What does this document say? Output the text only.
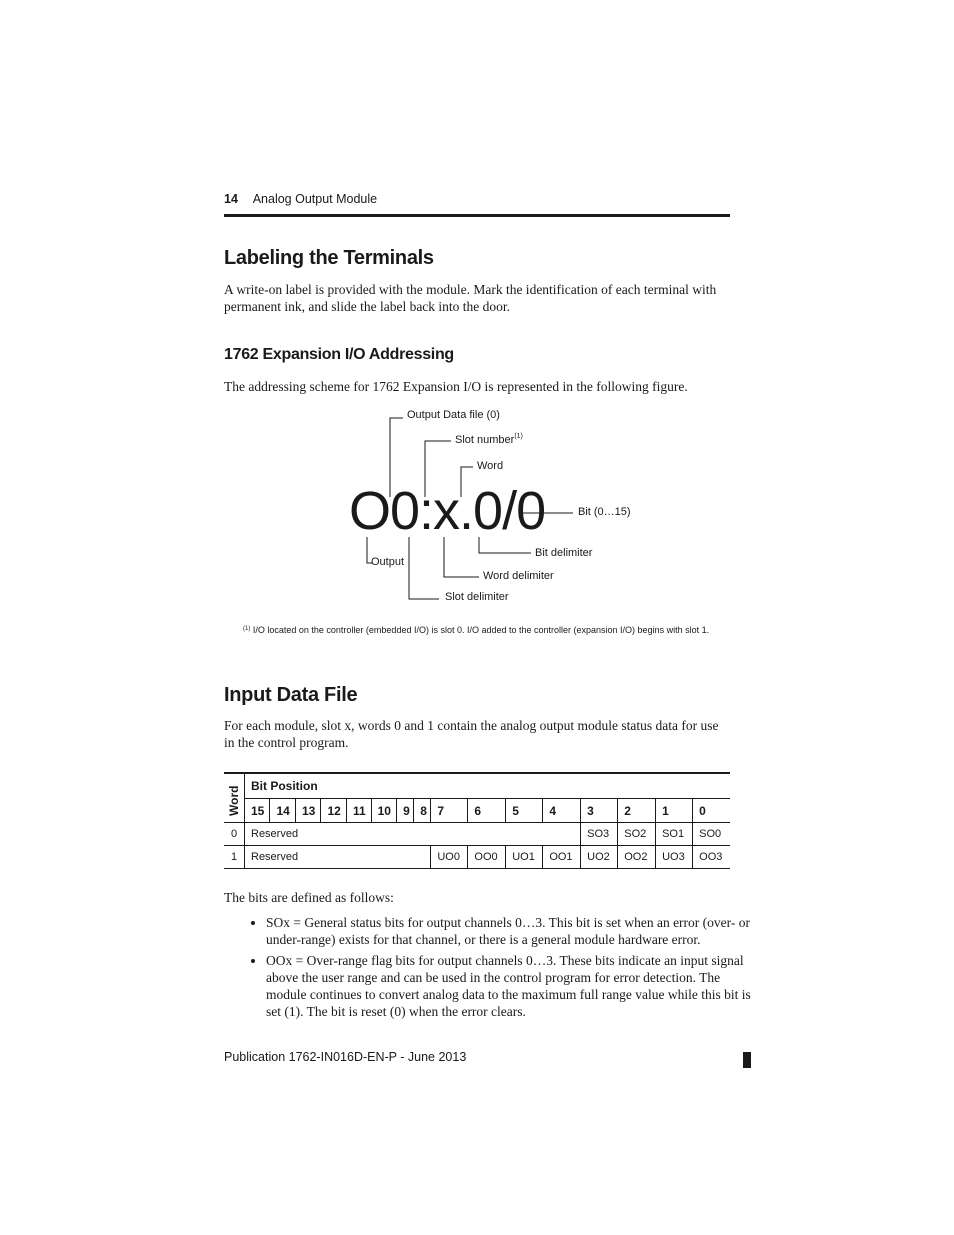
14 Analog Output Module
Labeling the Terminals

A write-on label is provided with the module. Mark the identification of each terminal with permanent ink, and slide the label back into the door.

1762 Expansion I/O Addressing

The addressing scheme for 1762 Expansion I/O is represented in the following figure.

O0:x.0/0
Output Data file (0)
Slot number$^{(1)}$
Word
Bit (0…15)
Bit delimiter
Output
Word delimiter
Slot delimiter
$^{(1)}$ I/O located on the controller (embedded I/O) is slot 0. I/O added to the controller (expansion I/O) begins with slot 1.
Input Data File

For each module, slot x, words 0 and 1 contain the analog output module status data for use in the control program.

Word	Bit Position															
	15	14	13	12	11	10	9	8	7	6	5	4	3	2	1	0
0	Reserved												SO3	SO2	SO1	SO0
1	Reserved								UO0	OO0	UO1	OO1	UO2	OO2	UO3	OO3

The bits are defined as follows:

• SOx = General status bits for output channels 0…3. This bit is set when an error (over- or under-range) exists for that channel, or there is a general module hardware error.
• OOx = Over-range flag bits for output channels 0…3. These bits indicate an input signal above the user range and can be used in the control program for error detection. The module continues to convert analog data to the maximum full range value while this bit is set (1). The bit is reset (0) when the error clears.
Publication 1762-IN016D-EN-P - June 2013
